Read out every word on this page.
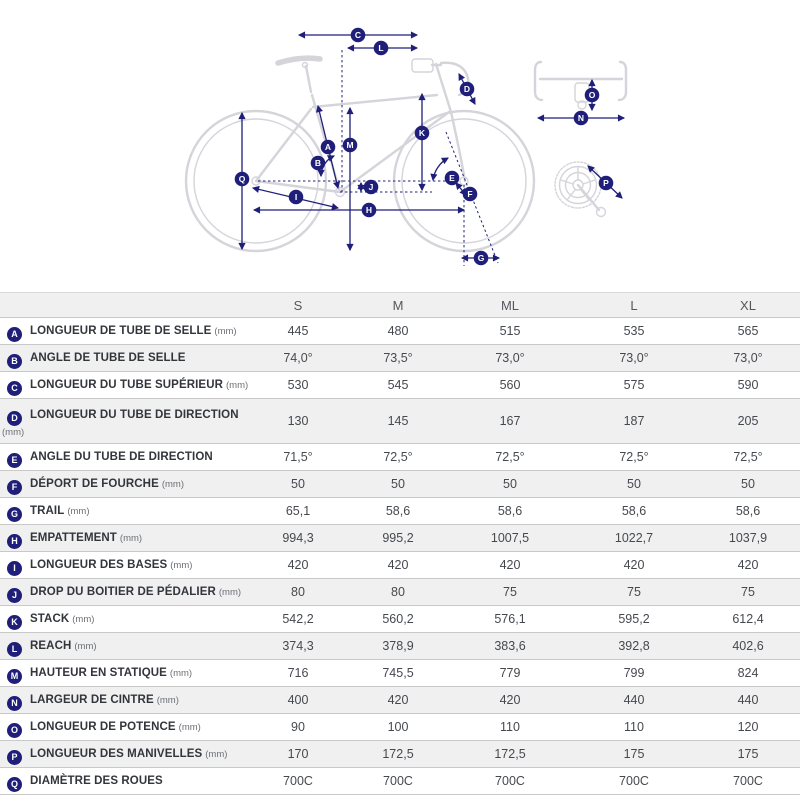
A
B
C
D
E
F
G
H
I
J
K
L
M
N
O
P
Q
	S	M	ML	L	XL
A LONGUEUR DE TUBE DE SELLE (mm)	445	480	515	535	565
B ANGLE DE TUBE DE SELLE	74,0°	73,5°	73,0°	73,0°	73,0°
C LONGUEUR DU TUBE SUPÉRIEUR (mm)	530	545	560	575	590
D LONGUEUR DU TUBE DE DIRECTION
(mm)	130	145	167	187	205
E ANGLE DU TUBE DE DIRECTION	71,5°	72,5°	72,5°	72,5°	72,5°
F DÉPORT DE FOURCHE (mm)	50	50	50	50	50
G TRAIL (mm)	65,1	58,6	58,6	58,6	58,6
H EMPATTEMENT (mm)	994,3	995,2	1007,5	1022,7	1037,9
I LONGUEUR DES BASES (mm)	420	420	420	420	420
J DROP DU BOITIER DE PÉDALIER (mm)	80	80	75	75	75
K STACK (mm)	542,2	560,2	576,1	595,2	612,4
L REACH (mm)	374,3	378,9	383,6	392,8	402,6
M HAUTEUR EN STATIQUE (mm)	716	745,5	779	799	824
N LARGEUR DE CINTRE (mm)	400	420	420	440	440
O LONGUEUR DE POTENCE (mm)	90	100	110	110	120
P LONGUEUR DES MANIVELLES (mm)	170	172,5	172,5	175	175
Q DIAMÈTRE DES ROUES	700C	700C	700C	700C	700C
